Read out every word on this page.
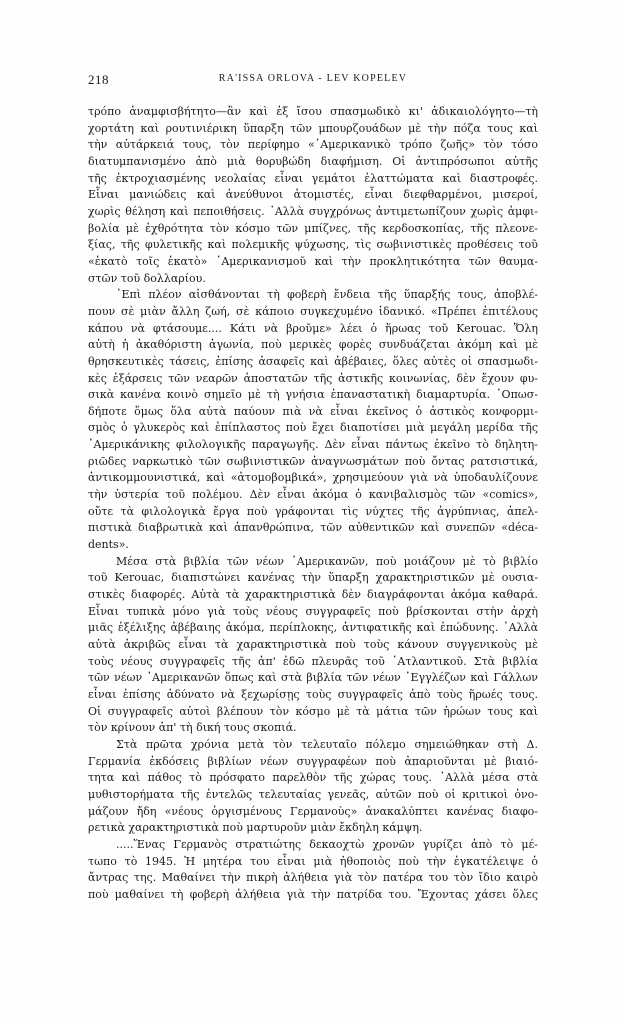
218	RA'ISSA ORLOVA - LEV KOPELEV
τρόπο ἀναμφισβήτητο—ἂν καὶ ἐξ ἴσου σπασμωδικὸ κι' ἀδικαιολόγητο—τὴ
χορτάτη καὶ ρουτινιέρικη ὕπαρξη τῶν μπουρζουάδων μὲ τὴν πόζα τους καὶ
τὴν αὐτάρκειά τους, τὸν περίφημο «᾿Αμερικανικὸ τρόπο ζωῆς» τὸν τόσο
διατυμπανισμένο ἀπὸ μιὰ θορυβώδη διαφήμιση. Οἱ ἀντιπρόσωποι αὐτῆς
τῆς ἐκτροχιασμένης νεολαίας εἶναι γεμάτοι ἐλαττώματα καὶ διαστροφές.
Εἶναι μανιώδεις καὶ ἀνεύθυνοι ἀτομιστές, εἶναι διεφθαρμένοι, μισεροί,
χωρὶς θέληση καὶ πεποιθήσεις. ᾿Αλλὰ συγχρόνως ἀντιμετωπίζουν χωρὶς ἀμφι-
βολία μὲ ἐχθρότητα τὸν κόσμο τῶν μπίζνες, τῆς κερδοσκοπίας, τῆς πλεονε-
ξίας, τῆς φυλετικῆς καὶ πολεμικῆς ψύχωσης, τὶς σωβινιστικὲς προθέσεις τοῦ
«ἑκατὸ τοῖς ἑκατὸ» ᾿Αμερικανισμοῦ καὶ τὴν προκλητικότητα τῶν θαυμα-
στῶν τοῦ δολλαρίου.
᾿Επὶ πλέον αἰσθάνονται τὴ φοβερὴ ἔνδεια τῆς ὕπαρξής τους, ἀποβλέ-
πουν σὲ μιὰν ἄλλη ζωή, σὲ κάποιο συγκεχυμένο ἰδανικό. «Πρέπει ἐπιτέλους
κάπου νὰ φτάσουμε.... Κάτι νὰ βροῦμε» λέει ὁ ἥρωας τοῦ Kerouac. Ὅλη
αὐτὴ ἡ ἀκαθόριστη ἀγωνία, ποὺ μερικὲς φορὲς συνδυάζεται ἀκόμη καὶ μὲ
θρησκευτικὲς τάσεις, ἐπίσης ἀσαφεῖς καὶ ἀβέβαιες, ὅλες αὐτὲς οἱ σπασμωδι-
κὲς ἐξάρσεις τῶν νεαρῶν ἀποστατῶν τῆς ἀστικῆς κοινωνίας, δὲν ἔχουν φυ-
σικὰ κανένα κοινὸ σημεῖο μὲ τὴ γνήσια ἐπαναστατικὴ διαμαρτυρία. ᾿Οπωσ-
δήποτε ὅμως ὅλα αὐτὰ παύουν πιὰ νὰ εἶναι ἐκεῖνος ὁ ἀστικὸς κονφορμι-
σμὸς ὁ γλυκερὸς καὶ ἐπίπλαστος ποὺ ἔχει διαποτίσει μιὰ μεγάλη μερίδα τῆς
᾿Αμερικάνικης φιλολογικῆς παραγωγῆς. Δὲν εἶναι πάντως ἐκεῖνο τὸ δηλητη-
ριῶδες ναρκωτικὸ τῶν σωβινιστικῶν ἀναγνωσμάτων ποὺ ὄντας ρατσιστικά,
ἀντικομμουνιστικά, καὶ «ἀτομοβομβικά», χρησιμεύουν γιὰ νὰ ὑποδαυλίζουνε
τὴν ὑστερία τοῦ πολέμου. Δὲν εἶναι ἀκόμα ὁ κανιβαλισμὸς τῶν «comics»,
οὔτε τὰ φιλολογικὰ ἔργα ποὺ γράφονται τὶς νύχτες τῆς ἀγρύπνιας, ἀπελ-
πιστικὰ διαβρωτικὰ καὶ ἀπανθρώπινα, τῶν αὐθεντικῶν καὶ συνεπῶν «déca-
dents».
Μέσα στὰ βιβλία τῶν νέων ᾿Αμερικανῶν, ποὺ μοιάζουν μὲ τὸ βιβλίο
τοῦ Kerouac, διαπιστώνει κανένας τὴν ὕπαρξη χαρακτηριστικῶν μὲ ουσια-
στικὲς διαφορές. Αὐτὰ τὰ χαρακτηριστικὰ δὲν διαγράφονται ἀκόμα καθαρά.
Εἶναι τυπικὰ μόνο γιὰ τοὺς νέους συγγραφεῖς ποὺ βρίσκονται στὴν ἀρχὴ
μιᾶς ἐξέλιξης ἀβέβαιης ἀκόμα, περίπλοκης, ἀντιφατικῆς καὶ ἐπώδυνης. ᾿Αλλὰ
αὐτὰ ἀκριβῶς εἶναι τὰ χαρακτηριστικὰ ποὺ τοὺς κάνουν συγγενικοὺς μὲ
τοὺς νέους συγγραφεῖς τῆς ἀπ' ἐδῶ πλευρᾶς τοῦ ᾿Ατλαντικοῦ. Στὰ βιβλία
τῶν νέων ᾿Αμερικανῶν ὅπως καὶ στὰ βιβλία τῶν νέων ᾿Εγγλέζων καὶ Γάλλων
εἶναι ἐπίσης ἀδύνατο νὰ ξεχωρίσῃς τοὺς συγγραφεῖς ἀπὸ τοὺς ἥρωές τους.
Οἱ συγγραφεῖς αὐτοὶ βλέπουν τὸν κόσμο μὲ τὰ μάτια τῶν ἡρώων τους καὶ
τὸν κρίνουν ἀπ' τὴ δική τους σκοπιά.
Στὰ πρῶτα χρόνια μετὰ τὸν τελευταῖο πόλεμο σημειώθηκαν στὴ Δ.
Γερμανία ἐκδόσεις βιβλίων νέων συγγραφέων ποὺ ἀπαριοῦνται μὲ βιαιό-
τητα καὶ πάθος τὸ πρόσφατο παρελθὸν τῆς χώρας τους. ᾿Αλλὰ μέσα στὰ
μυθιστορήματα τῆς ἐντελῶς τελευταίας γενεᾶς, αὐτῶν ποὺ οἱ κριτικοὶ ὀνο-
μάζουν ἤδη «νέους ὀργισμένους Γερμανοὺς» ἀνακαλύπτει κανένας διαφο-
ρετικὰ χαρακτηριστικὰ ποὺ μαρτυροῦν μιὰν ἔκδηλη κάμψη.
.....Ἕνας Γερμανὸς στρατιώτης δεκαοχτὼ χρονῶν γυρίζει ἀπὸ τὸ μέ-
τωπο τὸ 1945. Ἡ μητέρα του εἶναι μιὰ ἠθοποιὸς ποὺ τὴν ἐγκατέλειψε ὁ
ἄντρας της. Μαθαίνει τὴν πικρὴ ἀλήθεια γιὰ τὸν πατέρα του τὸν ἴδιο καιρὸ
ποὺ μαθαίνει τὴ φοβερὴ ἀλήθεια γιὰ τὴν πατρίδα του. Ἔχοντας χάσει ὅλες
